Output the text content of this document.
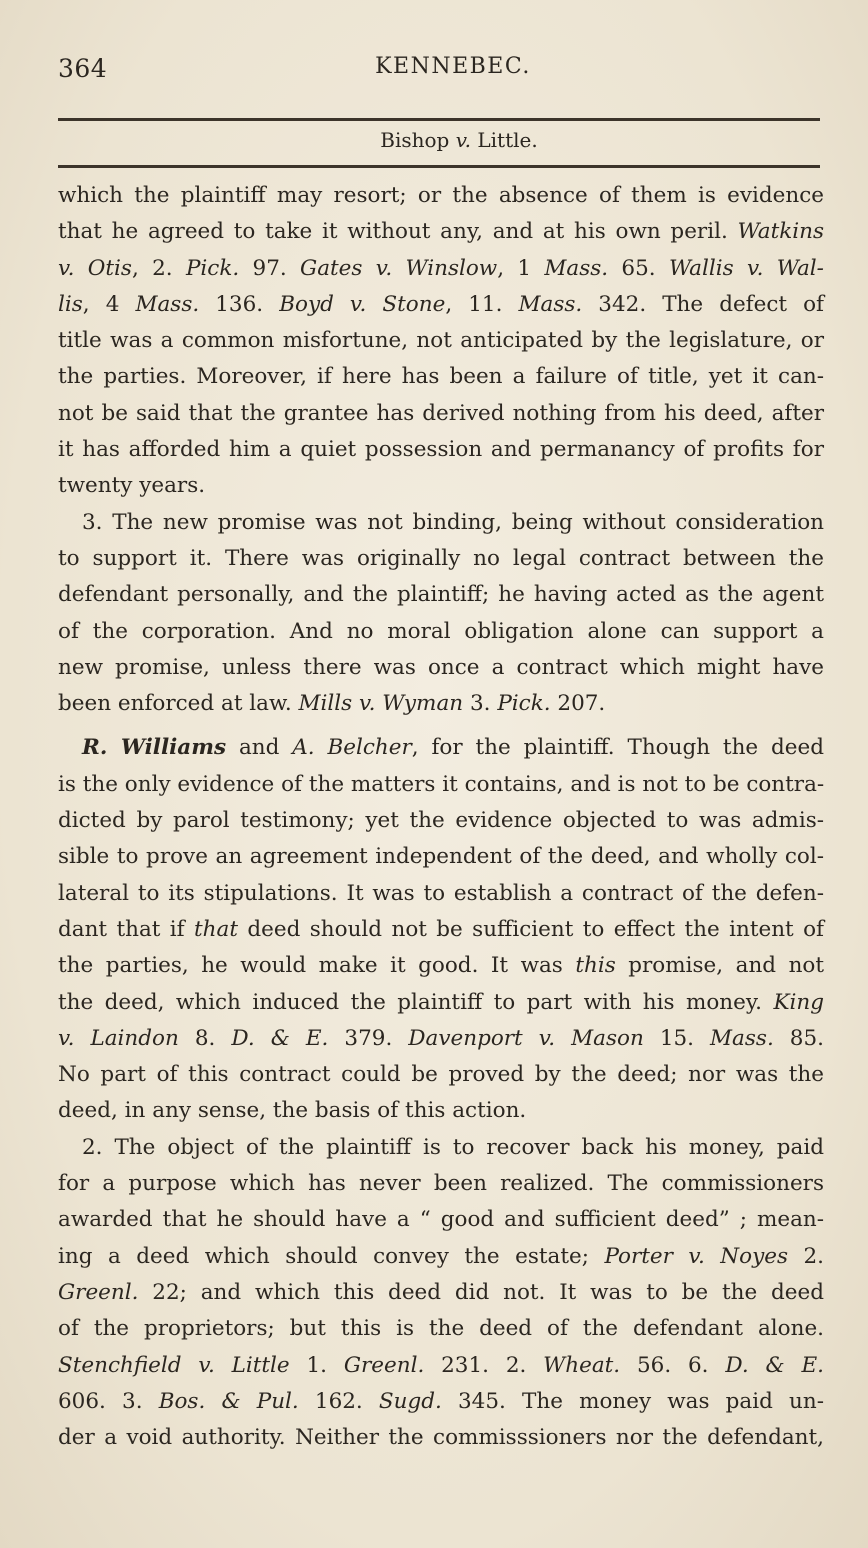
364	KENNEBEC.
Bishop v. Little.
which the plaintiff may resort; or the absence of them is evidence
that he agreed to take it without any, and at his own peril. Watkins
v. Otis, 2. Pick. 97. Gates v. Winslow, 1 Mass. 65. Wallis v. Wal-
lis, 4 Mass. 136. Boyd v. Stone, 11. Mass. 342. The defect of
title was a common misfortune, not anticipated by the legislature, or
the parties. Moreover, if here has been a failure of title, yet it can-
not be said that the grantee has derived nothing from his deed, after
it has afforded him a quiet possession and permanancy of profits for
twenty years.
3. The new promise was not binding, being without consideration
to support it. There was originally no legal contract between the
defendant personally, and the plaintiff; he having acted as the agent
of the corporation. And no moral obligation alone can support a
new promise, unless there was once a contract which might have
been enforced at law. Mills v. Wyman 3. Pick. 207.
R. Williams and A. Belcher, for the plaintiff. Though the deed
is the only evidence of the matters it contains, and is not to be contra-
dicted by parol testimony; yet the evidence objected to was admis-
sible to prove an agreement independent of the deed, and wholly col-
lateral to its stipulations. It was to establish a contract of the defen-
dant that if that deed should not be sufficient to effect the intent of
the parties, he would make it good. It was this promise, and not
the deed, which induced the plaintiff to part with his money. King
v. Laindon 8. D. & E. 379. Davenport v. Mason 15. Mass. 85.
No part of this contract could be proved by the deed; nor was the
deed, in any sense, the basis of this action.
2. The object of the plaintiff is to recover back his money, paid
for a purpose which has never been realized. The commissioners
awarded that he should have a “ good and sufficient deed” ; mean-
ing a deed which should convey the estate; Porter v. Noyes 2.
Greenl. 22; and which this deed did not. It was to be the deed
of the proprietors; but this is the deed of the defendant alone.
Stenchfield v. Little 1. Greenl. 231. 2. Wheat. 56. 6. D. & E.
606. 3. Bos. & Pul. 162. Sugd. 345. The money was paid un-
der a void authority. Neither the commisssioners nor the defendant,
